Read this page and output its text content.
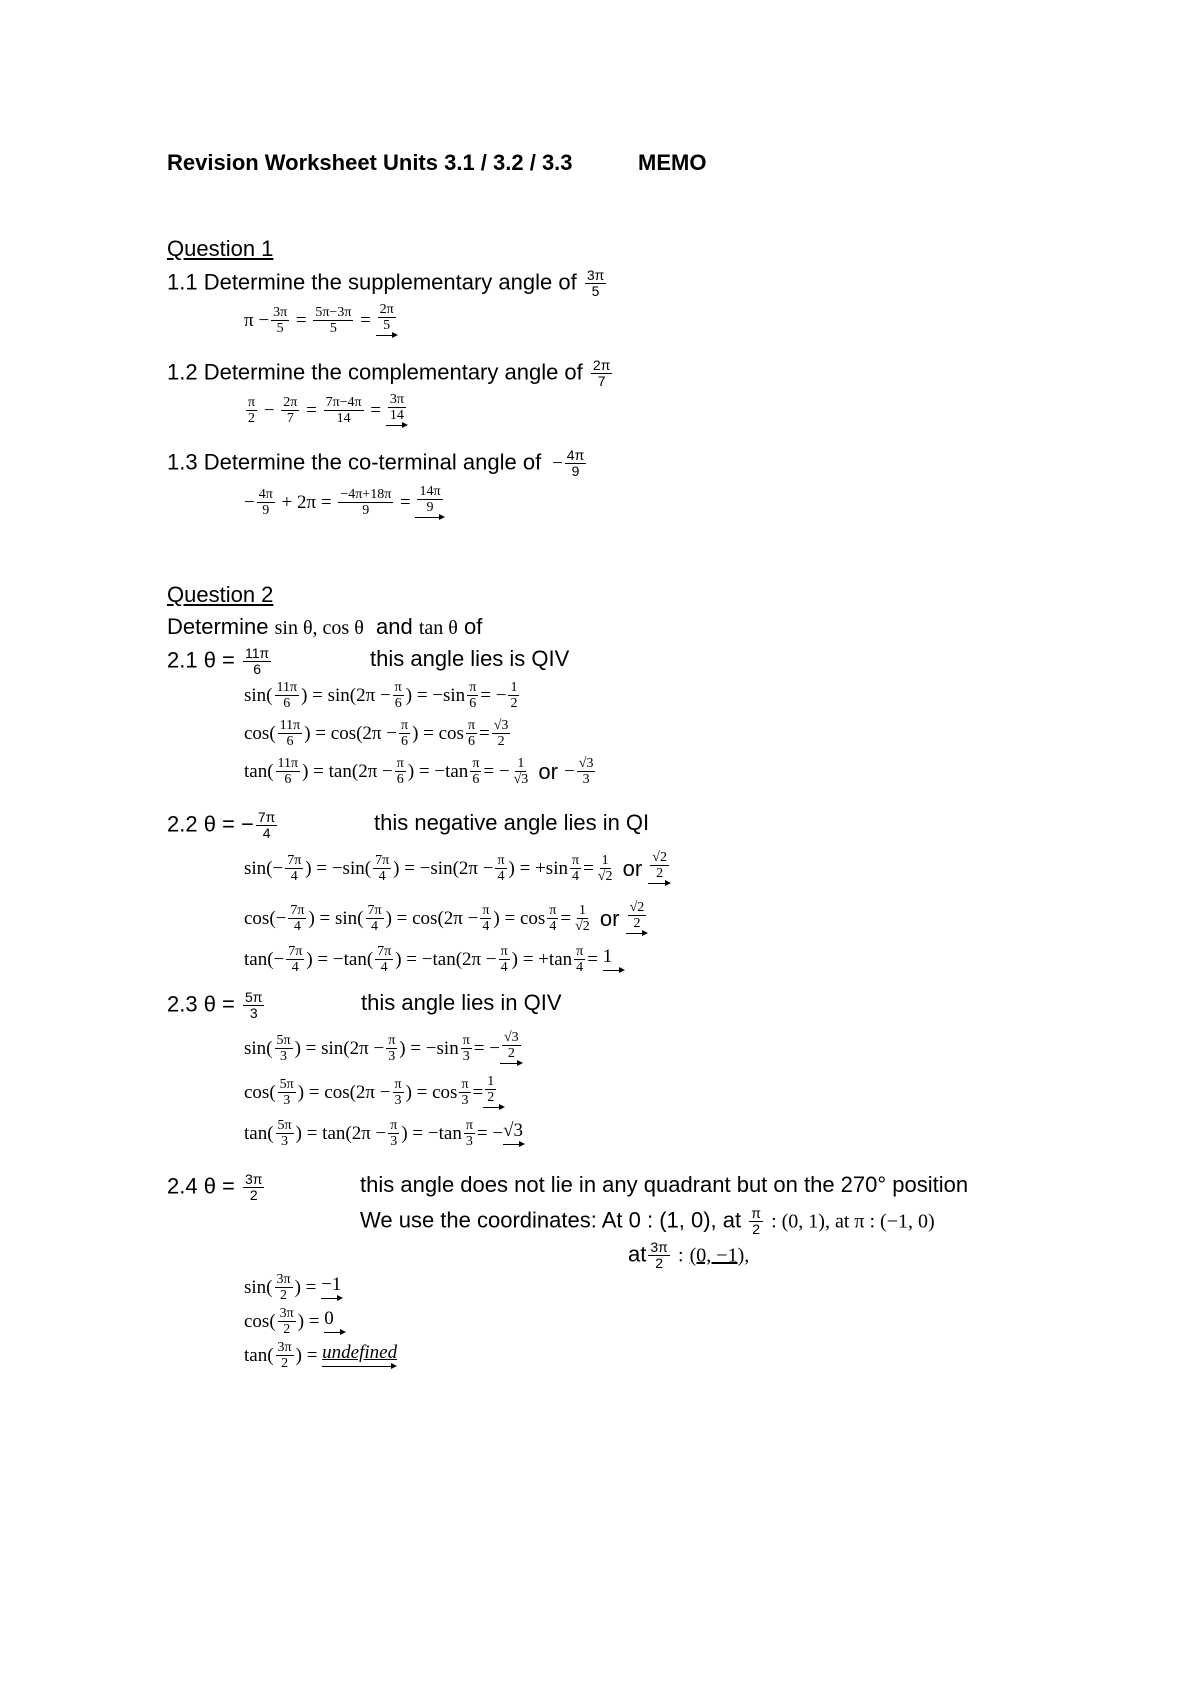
Revision Worksheet Units 3.1 / 3.2 / 3.3	MEMO
Question 1
1.1 Determine the supplementary angle of $\frac{3\pi}{5}$
$\pi - \frac{3\pi}{5} = \frac{5\pi-3\pi}{5} = \frac{2\pi}{5}$
1.2 Determine the complementary angle of $\frac{2\pi}{7}$
$\frac{\pi}{2} - \frac{2\pi}{7} = \frac{7\pi-4\pi}{14} = \frac{3\pi}{14}$
1.3 Determine the co-terminal angle of  − $\frac{4\pi}{9}$
− $\frac{4\pi}{9}$
+ 2π =
$\frac{-4\pi+18\pi}{9} = \frac{14\pi}{9}$
Question 2
Determine sin θ, cos θ and tan θ of
2.1 $\theta = \frac{11\pi}{6}$	this angle lies is QIV
$\sin( \frac{11\pi}{6}$ ) = $\sin(2\pi - \frac{\pi}{6}$ ) = $-\sin \frac{\pi}{6}$ = − $\frac{1}{2}$
$\cos( \frac{11\pi}{6}$ ) = $\cos(2\pi - \frac{\pi}{6}$ ) = $\cos \frac{\pi}{6} = \frac{√3}{2}$
$\tan( \frac{11\pi}{6}$ ) = $\tan(2\pi - \frac{\pi}{6}$ ) = $-\tan \frac{\pi}{6}$ = − $\frac{1}{√3}$ or − $\frac{√3}{3}$
2.2 θ = − $\frac{7\pi}{4}$	this negative angle lies in QI
$\sin(- \frac{7\pi}{4}$ ) = $-\sin( \frac{7\pi}{4}$ ) = $-\sin(2\pi - \frac{\pi}{4}$ ) = $+\sin \frac{\pi}{4} = \frac{1}{√2}$ or $\frac{√2}{2}$
$\cos(- \frac{7\pi}{4}$ ) = $\sin( \frac{7\pi}{4}$ ) = $\cos(2\pi - \frac{\pi}{4}$ ) = $\cos \frac{\pi}{4} = \frac{1}{√2}$ or $\frac{√2}{2}$
$\tan(- \frac{7\pi}{4}$ ) = $-\tan( \frac{7\pi}{4}$ ) = $-\tan(2\pi - \frac{\pi}{4}$ ) = $+\tan \frac{\pi}{4} = 1$
2.3 $\theta = \frac{5\pi}{3}$	this angle lies in QIV
$\sin( \frac{5\pi}{3}$ ) = $\sin(2\pi - \frac{\pi}{3}$ ) = $-\sin \frac{\pi}{3}$ = − $\frac{√3}{2}$
$\cos( \frac{5\pi}{3}$ ) = $\cos(2\pi - \frac{\pi}{3}$ ) = $\cos \frac{\pi}{3} = \frac{1}{2}$
$\tan( \frac{5\pi}{3}$ ) = $\tan(2\pi - \frac{\pi}{3}$ ) = $-\tan \frac{\pi}{3}$ = − √3
2.4 $\theta = \frac{3\pi}{2}$	this angle does not lie in any quadrant but on the 270° position
We use the coordinates: At 0 : (1, 0), at $\frac{\pi}{2}$ : (0, 1), at π : (−1, 0)
at $\frac{3\pi}{2}$ : (0, −1),
$\sin( \frac{3\pi}{2}$ ) = −1
$\cos( \frac{3\pi}{2}$ ) = 0
$\tan( \frac{3\pi}{2}$ ) = undefined
